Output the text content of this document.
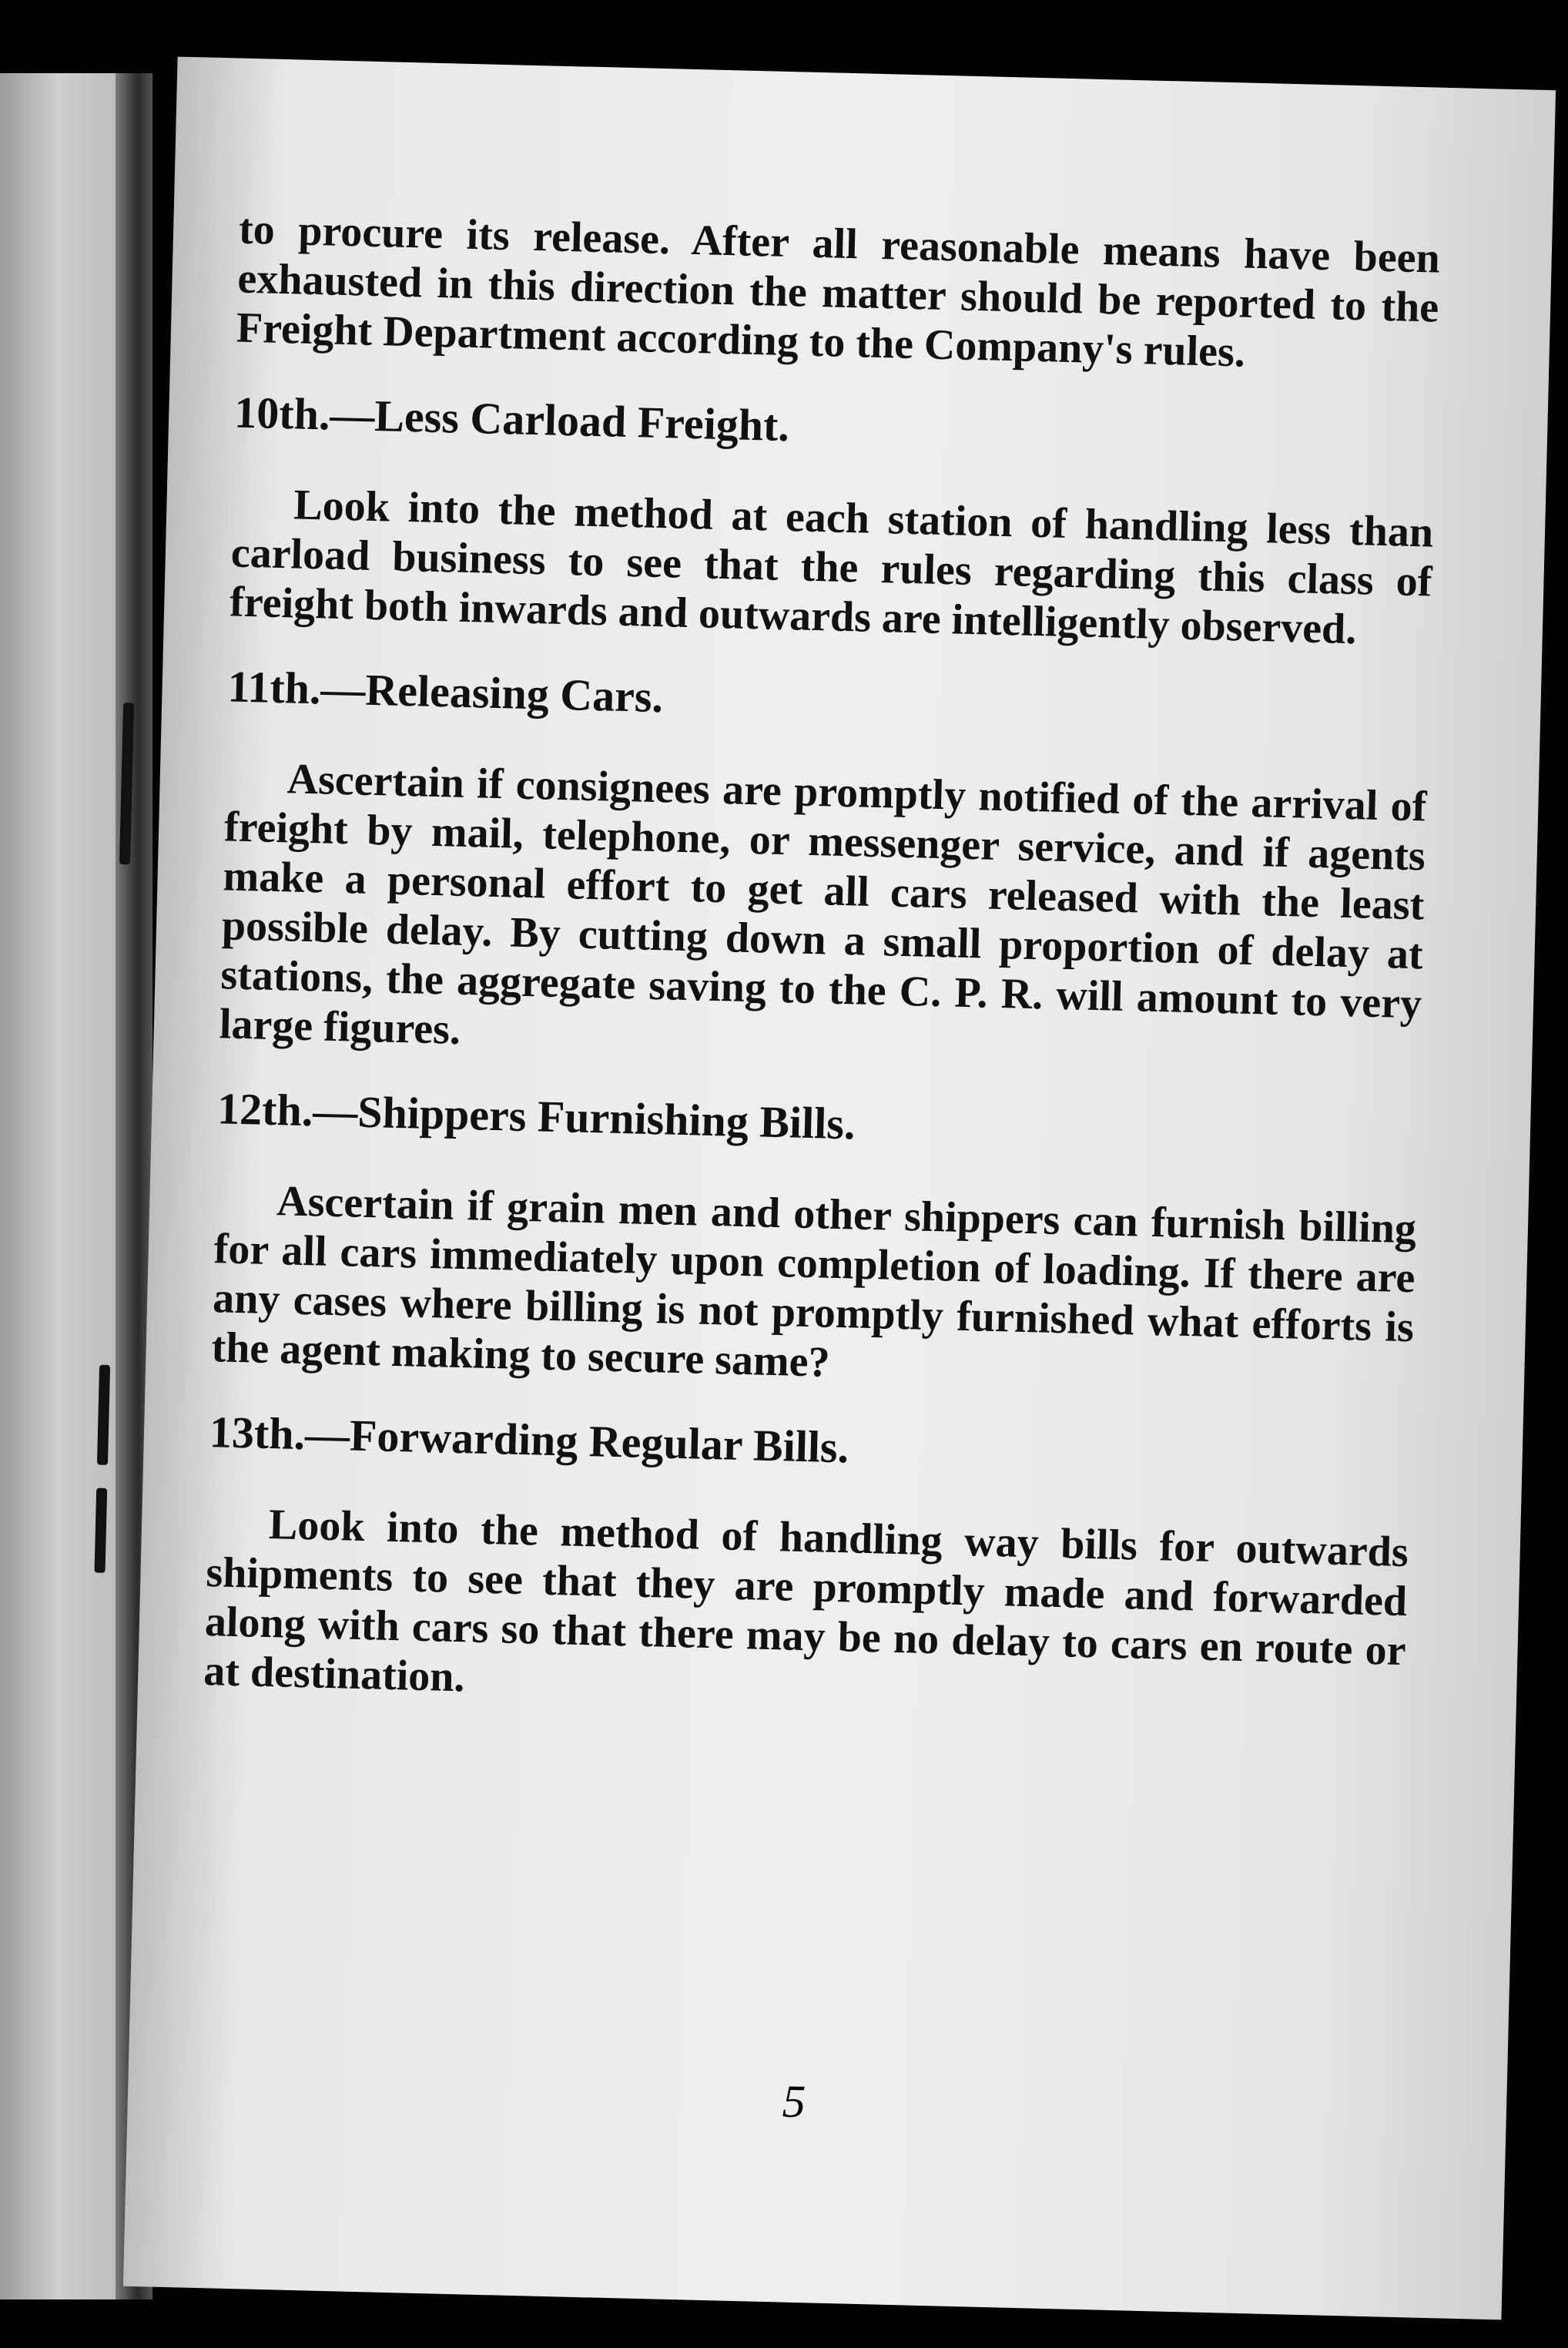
to procure its release. After all reasonable means have been exhausted in this direction the matter should be reported to the Freight Department according to the Company's rules.

10th.—Less Carload Freight.

Look into the method at each station of handling less than carload business to see that the rules regarding this class of freight both inwards and outwards are intelligently observed.

11th.—Releasing Cars.

Ascertain if consignees are promptly notified of the arrival of freight by mail, telephone, or messenger service, and if agents make a personal effort to get all cars released with the least possible delay. By cutting down a small proportion of delay at stations, the aggregate saving to the C. P. R. will amount to very large figures.

12th.—Shippers Furnishing Bills.

Ascertain if grain men and other shippers can furnish billing for all cars immediately upon completion of loading. If there are any cases where billing is not promptly furnished what efforts is the agent making to secure same?

13th.—Forwarding Regular Bills.

Look into the method of handling way bills for outwards shipments to see that they are promptly made and forwarded along with cars so that there may be no delay to cars en route or at destination.

5
